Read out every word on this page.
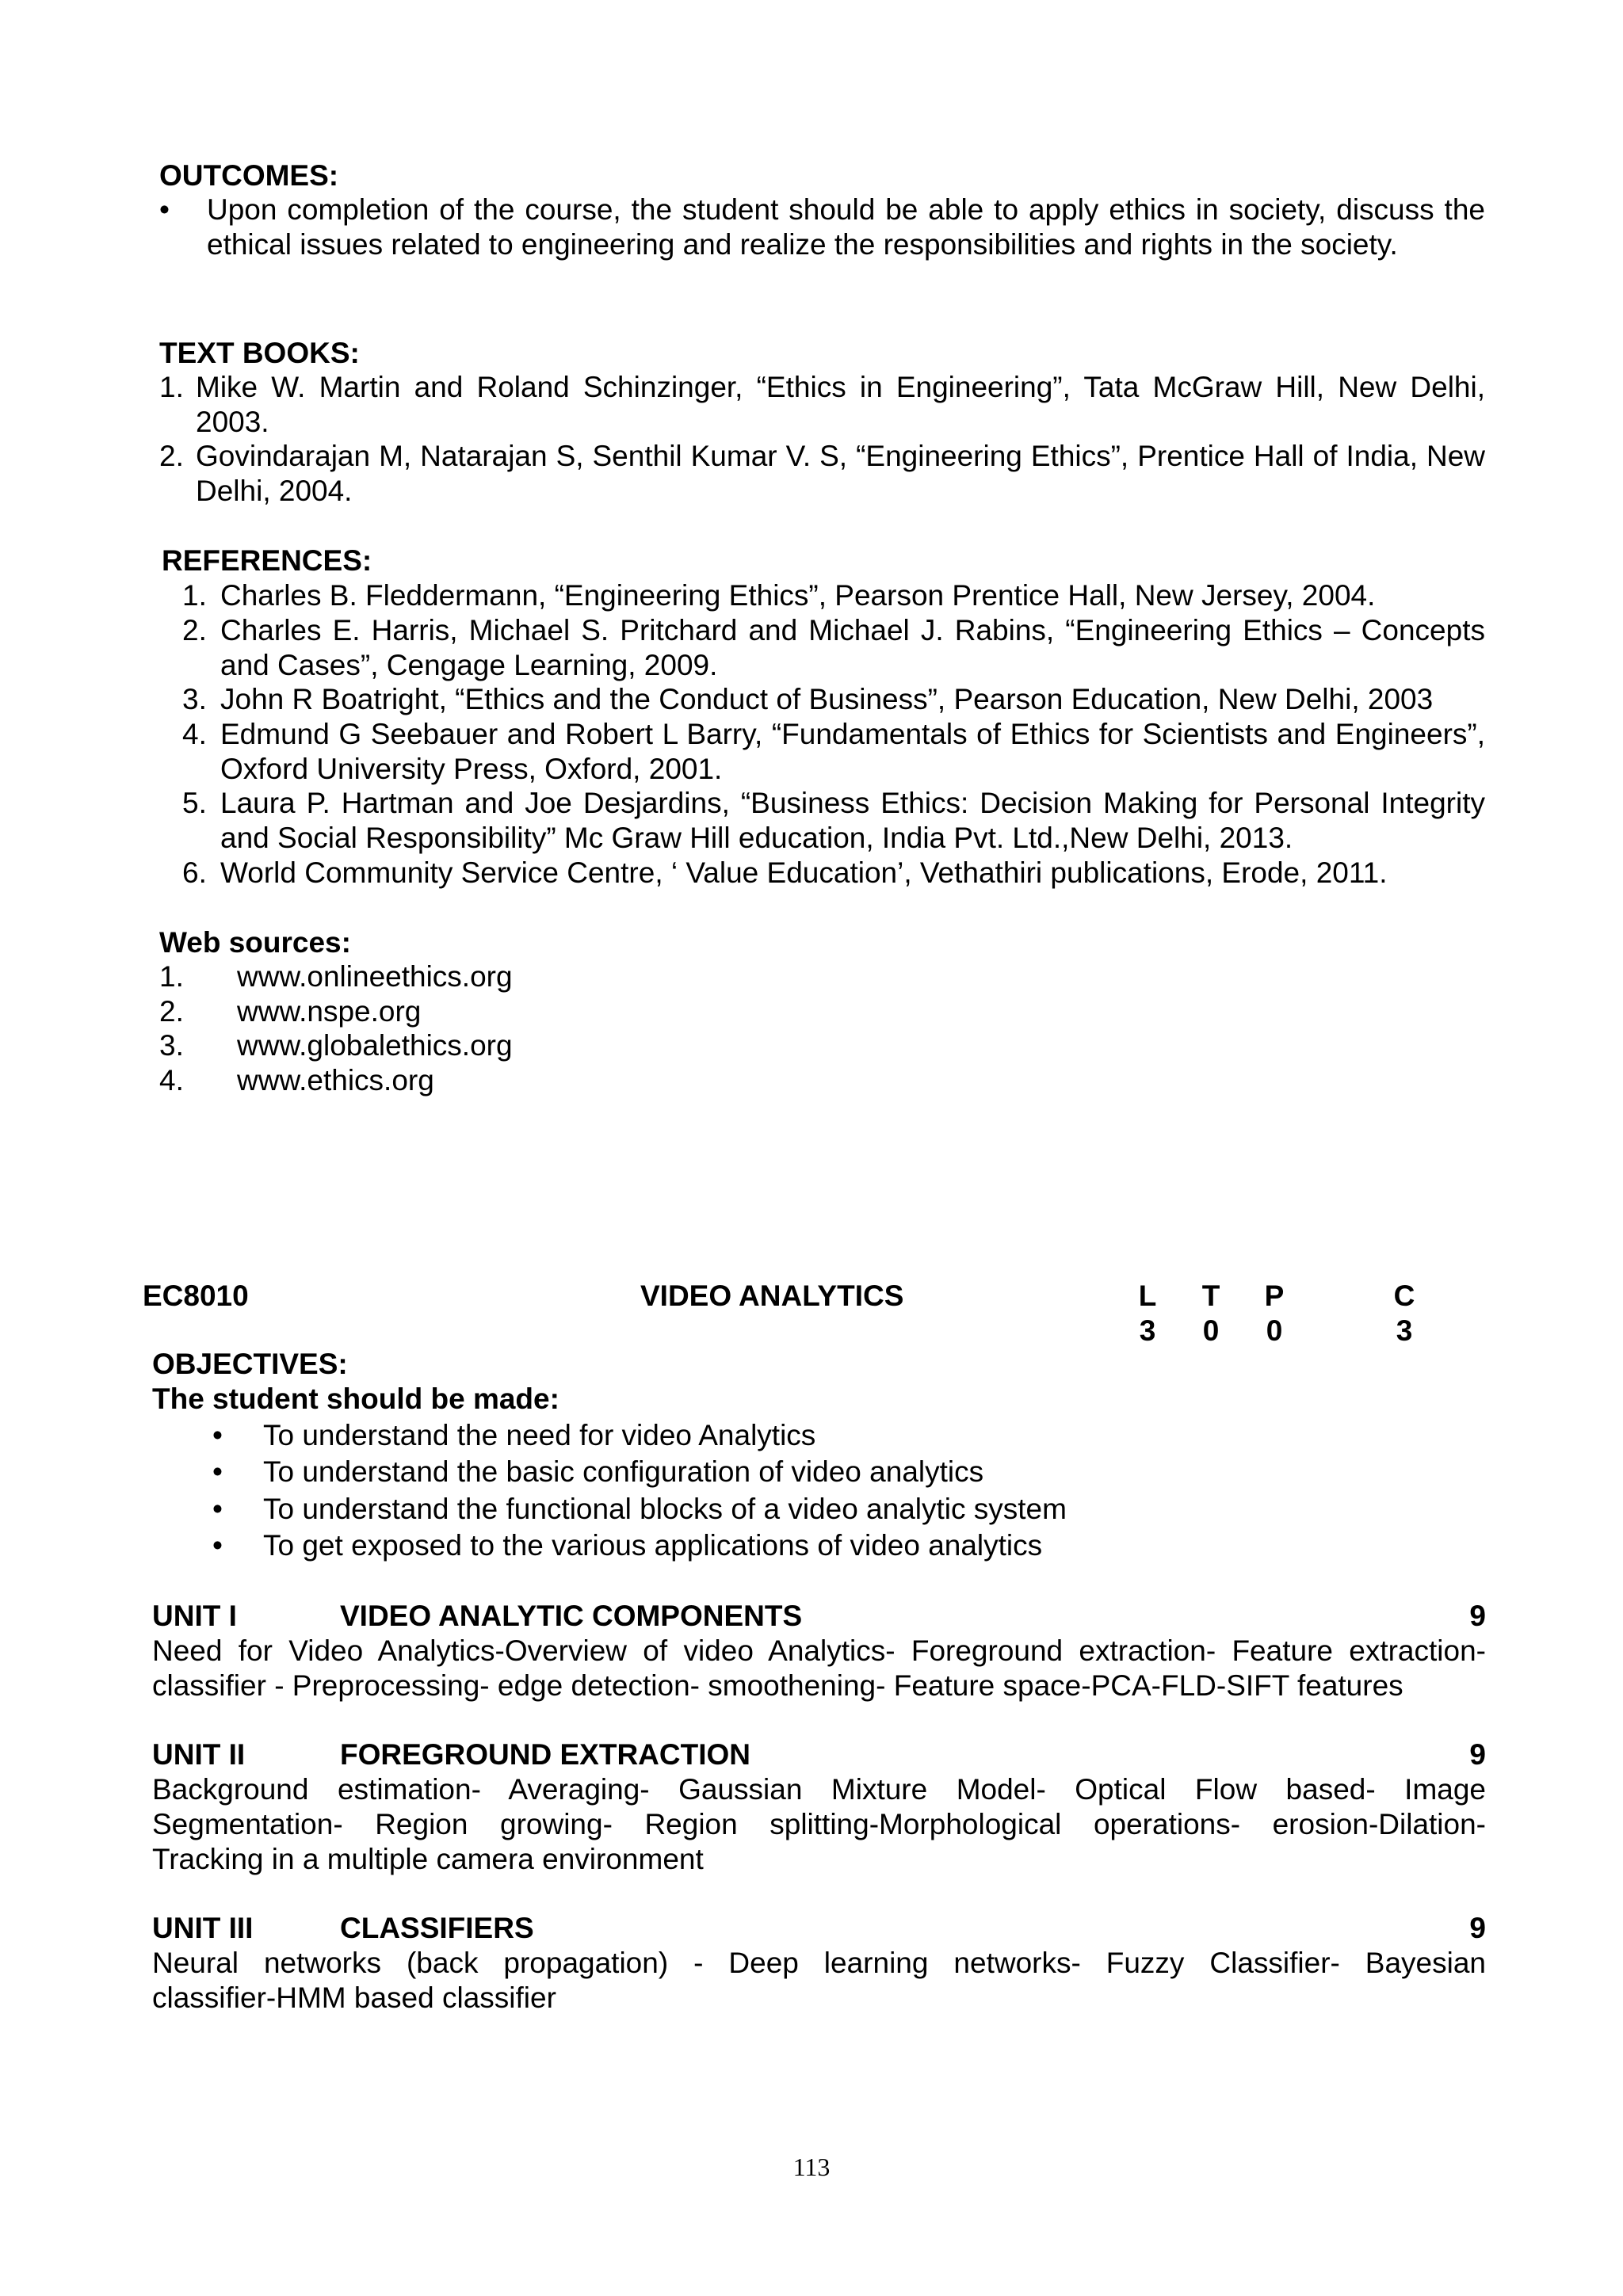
OUTCOMES:
• Upon completion of the course, the student should be able to apply ethics in society, discuss the ethical issues related to engineering and realize the responsibilities and rights in the society.
TEXT BOOKS:
1. Mike W. Martin and Roland Schinzinger, “Ethics in Engineering”, Tata McGraw Hill, New Delhi, 2003.
2. Govindarajan M, Natarajan S, Senthil Kumar V. S, “Engineering Ethics”, Prentice Hall of India, New Delhi, 2004.
REFERENCES:
1. Charles B. Fleddermann, “Engineering Ethics”, Pearson Prentice Hall, New Jersey, 2004.
2. Charles E. Harris, Michael S. Pritchard and Michael J. Rabins, “Engineering Ethics – Concepts and Cases”, Cengage Learning, 2009.
3. John R Boatright, “Ethics and the Conduct of Business”, Pearson Education, New Delhi, 2003
4. Edmund G Seebauer and Robert L Barry, “Fundamentals of Ethics for Scientists and Engineers”, Oxford University Press, Oxford, 2001.
5. Laura P. Hartman and Joe Desjardins, “Business Ethics: Decision Making for Personal Integrity and Social Responsibility” Mc Graw Hill education, India Pvt. Ltd.,New Delhi, 2013.
6. World Community Service Centre, ‘ Value Education’, Vethathiri publications, Erode, 2011.
Web sources:
1. www.onlineethics.org
2. www.nspe.org
3. www.globalethics.org
4. www.ethics.org
EC8010	VIDEO ANALYTICS	L T P	C
3 0 0	3
OBJECTIVES:
The student should be made:
• To understand the need for video Analytics
• To understand the basic configuration of video analytics
• To understand the functional blocks of a video analytic system
• To get exposed to the various applications of video analytics
UNIT I	VIDEO ANALYTIC COMPONENTS	9
Need for Video Analytics-Overview of video Analytics- Foreground extraction- Feature extraction-
classifier - Preprocessing- edge detection- smoothening- Feature space-PCA-FLD-SIFT features
UNIT II	FOREGROUND EXTRACTION	9
Background estimation- Averaging- Gaussian Mixture Model- Optical Flow based- Image
Segmentation- Region growing- Region splitting-Morphological operations- erosion-Dilation-
Tracking in a multiple camera environment
UNIT III	CLASSIFIERS	9
Neural networks (back propagation) - Deep learning networks- Fuzzy Classifier- Bayesian
classifier-HMM based classifier
113
